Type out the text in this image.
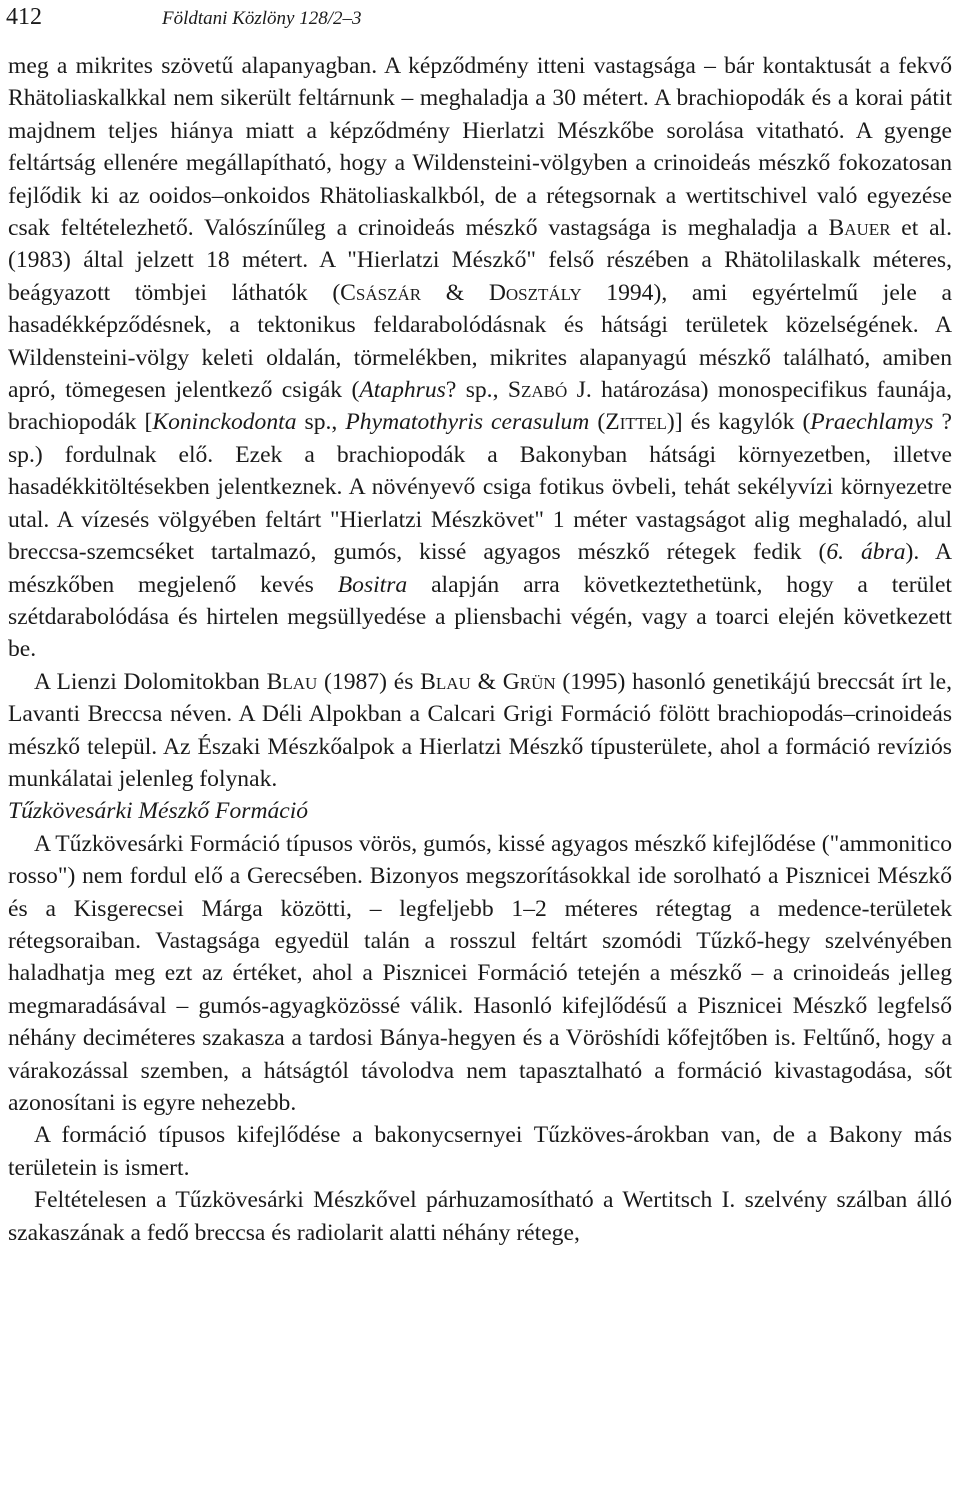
412	Földtani Közlöny 128/2–3

meg a mikrites szövetű alapanyagban. A képződmény itteni vastagsága – bár kontaktusát a fekvő Rhätoliaskalkkal nem sikerült feltárnunk – meghaladja a 30 métert. A brachiopodák és a korai pátit majdnem teljes hiánya miatt a képződmény Hierlatzi Mészkőbe sorolása vitatható. A gyenge feltártság ellenére megállapítható, hogy a Wildensteini-völgyben a crinoideás mészkő fokozatosan fejlődik ki az ooidos–onkoidos Rhätoliaskalkból, de a rétegsornak a wertitschivel való egyezése csak feltételezhető. Valószínűleg a crinoideás mészkő vastagsága is meghaladja a Bauer et al. (1983) által jelzett 18 métert. A "Hierlatzi Mészkő" felső részében a Rhätolilaskalk méteres, beágyazott tömbjei láthatók (Császár & Dosztály 1994), ami egyértelmű jele a hasadékképződésnek, a tektonikus feldarabolódásnak és hátsági területek közelségének. A Wildensteini-völgy keleti oldalán, törmelékben, mikrites alapanyagú mészkő található, amiben apró, tömegesen jelentkező csigák (Ataphrus? sp., Szabó J. határozása) monospecifikus faunája, brachiopodák [Koninckodonta sp., Phymatothyris cerasulum (Zittel)] és kagylók (Praechlamys ? sp.) fordulnak elő. Ezek a brachiopodák a Bakonyban hátsági környezetben, illetve hasadékkitöltésekben jelentkeznek. A növényevő csiga fotikus övbeli, tehát sekélyvízi környezetre utal. A vízesés völgyében feltárt "Hierlatzi Mészkövet" 1 méter vastagságot alig meghaladó, alul breccsa-szemcséket tartalmazó, gumós, kissé agyagos mészkő rétegek fedik (6. ábra). A mészkőben megjelenő kevés Bositra alapján arra következtethetünk, hogy a terület szétdarabolódása és hirtelen megsüllyedése a pliensbachi végén, vagy a toarci elején következett be.

A Lienzi Dolomitokban Blau (1987) és Blau & Grün (1995) hasonló genetikájú breccsát írt le, Lavanti Breccsa néven. A Déli Alpokban a Calcari Grigi Formáció fölött brachiopodás–crinoideás mészkő települ. Az Északi Mészkőalpok a Hierlatzi Mészkő típusterülete, ahol a formáció revíziós munkálatai jelenleg folynak.

Tűzkövesárki Mészkő Formáció

A Tűzkövesárki Formáció típusos vörös, gumós, kissé agyagos mészkő kifejlődése ("ammonitico rosso") nem fordul elő a Gerecsében. Bizonyos megszorításokkal ide sorolható a Pisznicei Mészkő és a Kisgerecsei Márga közötti, – legfeljebb 1–2 méteres rétegtag a medence-területek rétegsoraiban. Vastagsága egyedül talán a rosszul feltárt szomódi Tűzkő-hegy szelvényében haladhatja meg ezt az értéket, ahol a Pisznicei Formáció tetején a mészkő – a crinoideás jelleg megmaradásával – gumós-agyagközössé válik. Hasonló kifejlődésű a Pisznicei Mészkő legfelső néhány deciméteres szakasza a tardosi Bánya-hegyen és a Vöröshídi kőfejtőben is. Feltűnő, hogy a várakozással szemben, a hátságtól távolodva nem tapasztalható a formáció kivastagodása, sőt azonosítani is egyre nehezebb.

A formáció típusos kifejlődése a bakonycsernyei Tűzköves-árokban van, de a Bakony más területein is ismert.

Feltételesen a Tűzkövesárki Mészkővel párhuzamosítható a Wertitsch I. szelvény szálban álló szakaszának a fedő breccsa és radiolarit alatti néhány rétege,
